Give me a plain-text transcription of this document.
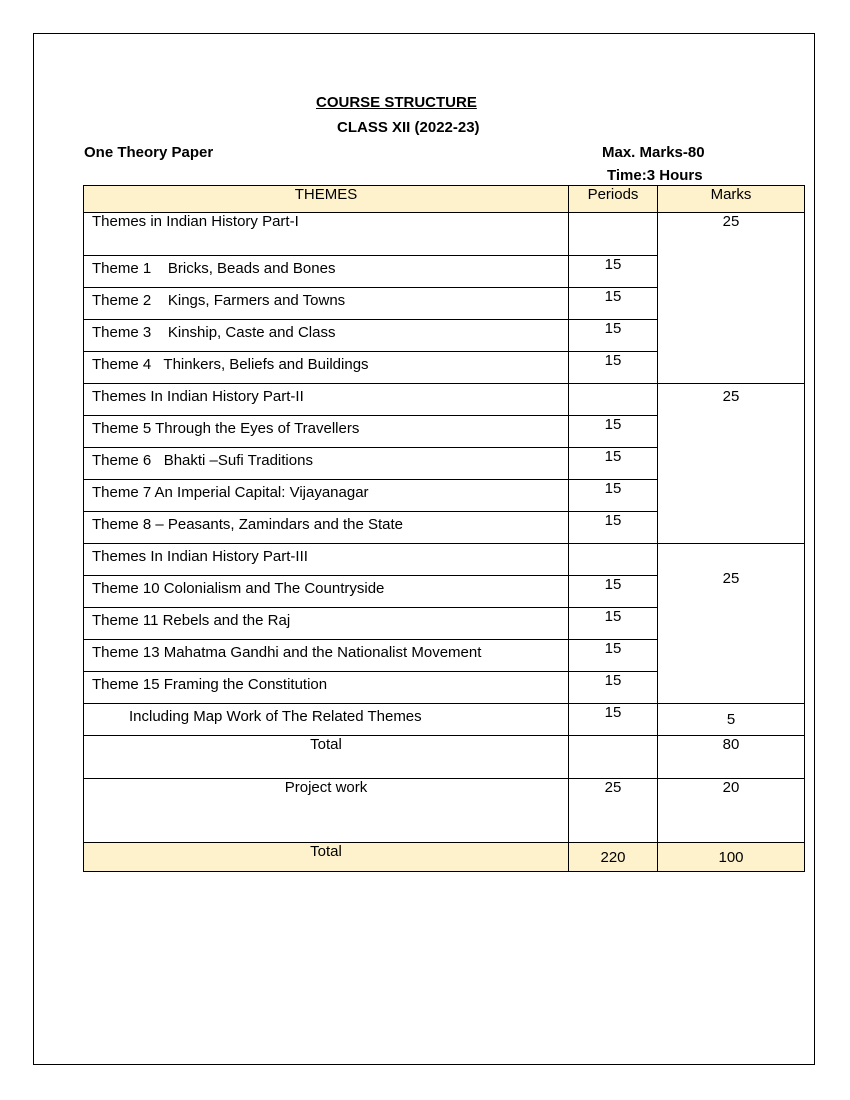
COURSE STRUCTURE
CLASS XII (2022-23)
One Theory Paper	Max. Marks-80
Time:3 Hours
THEMES	Periods	Marks
Themes in Indian History Part-I		25
Theme 1    Bricks, Beads and Bones	15	
Theme 2    Kings, Farmers and Towns	15	
Theme 3    Kinship, Caste and Class	15	
Theme 4   Thinkers, Beliefs and Buildings	15	
Themes In Indian History Part-II		25
Theme 5 Through the Eyes of Travellers	15	
Theme 6   Bhakti –Sufi Traditions	15	
Theme 7 An Imperial Capital: Vijayanagar	15	
Theme 8 – Peasants, Zamindars and the State	15	
Themes In Indian History Part-III		25
Theme 10 Colonialism and The Countryside	15	
Theme 11 Rebels and the Raj	15	
Theme 13 Mahatma Gandhi and the Nationalist Movement	15	
Theme 15 Framing the Constitution	15	
Including Map Work of The Related Themes	15	5
Total		80
Project work	25	20
Total	220	100
